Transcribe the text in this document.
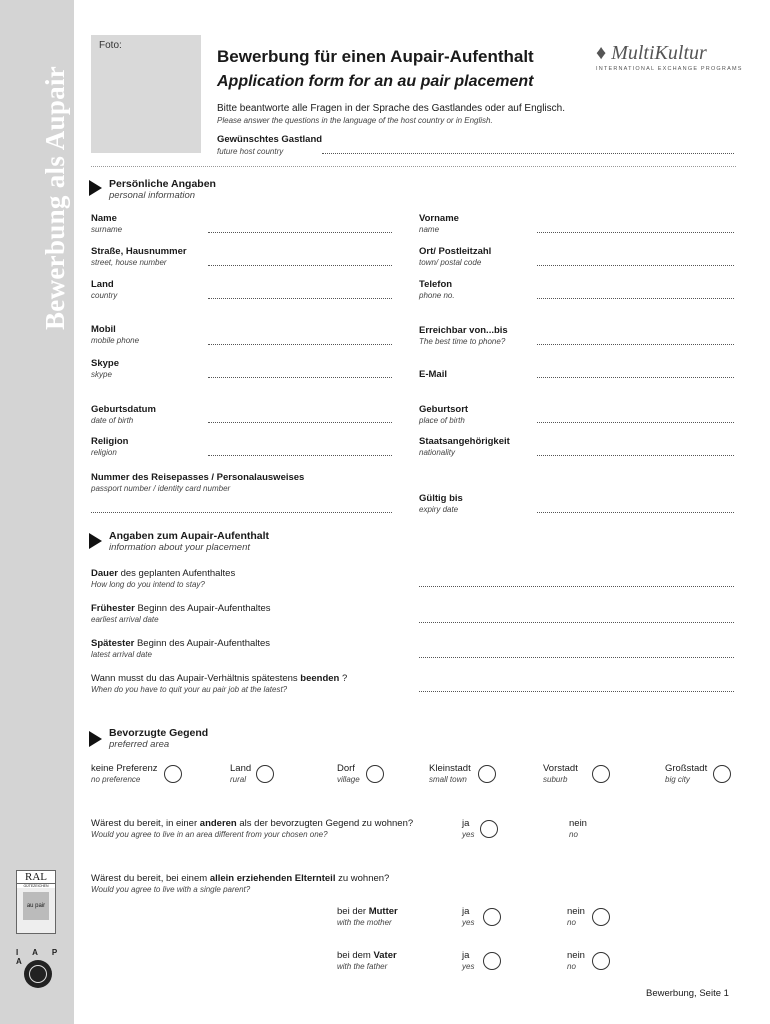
Bewerbung als Aupair
Foto:
Bewerbung für einen Aupair-Aufenthalt
Application form for an au pair placement
Bitte beantworte alle Fragen in der Sprache des Gastlandes oder auf Englisch.
Please answer the questions in the language of the host country or in English.
♦ MultiKultur
INTERNATIONAL EXCHANGE PROGRAMS
Gewünschtes Gastland
future host country
Persönliche Angaben
personal information
Name
surname
Vorname
name
Straße, Hausnummer
street, house number
Ort/ Postleitzahl
town/ postal code
Land
country
Telefon
phone no.
Mobil
mobile phone
Erreichbar von...bis
The best time to phone?
Skype
skype	E-Mail
Geburtsdatum
date of birth
Geburtsort
place of birth
Religion
religion
Staatsangehörigkeit
nationality
Nummer des Reisepasses / Personalausweises
passport number / identity card number
Gültig bis
expiry date
Angaben zum Aupair-Aufenthalt
information about your placement
Dauer des geplanten Aufenthaltes
How long do you intend to stay?
Frühester Beginn des Aupair-Aufenthaltes
earliest arrival date
Spätester Beginn des Aupair-Aufenthaltes
latest arrival date
Wann musst du das Aupair-Verhältnis spätestens beenden ?
When do you have to quit your au pair job at the latest?
Bevorzugte Gegend
preferred area
keine Preferenz
no preference
Land
rural
Dorf
village
Kleinstadt
small town
Vorstadt
suburb
Großstadt
big city
Wärest du bereit, in einer anderen als der bevorzugten Gegend zu wohnen?
Would you agree to live in an area different from your chosen one?
ja
yes
nein
no
Wärest du bereit, bei einem allein erziehenden Elternteil zu wohnen?
Would you agree to live with a single parent?
bei der Mutter
with the mother
ja
yes
nein
no
bei dem Vater
with the father
ja
yes
nein
no
RAL
GÜTEZEICHEN
au pair
I A P A
Bewerbung, Seite 1
